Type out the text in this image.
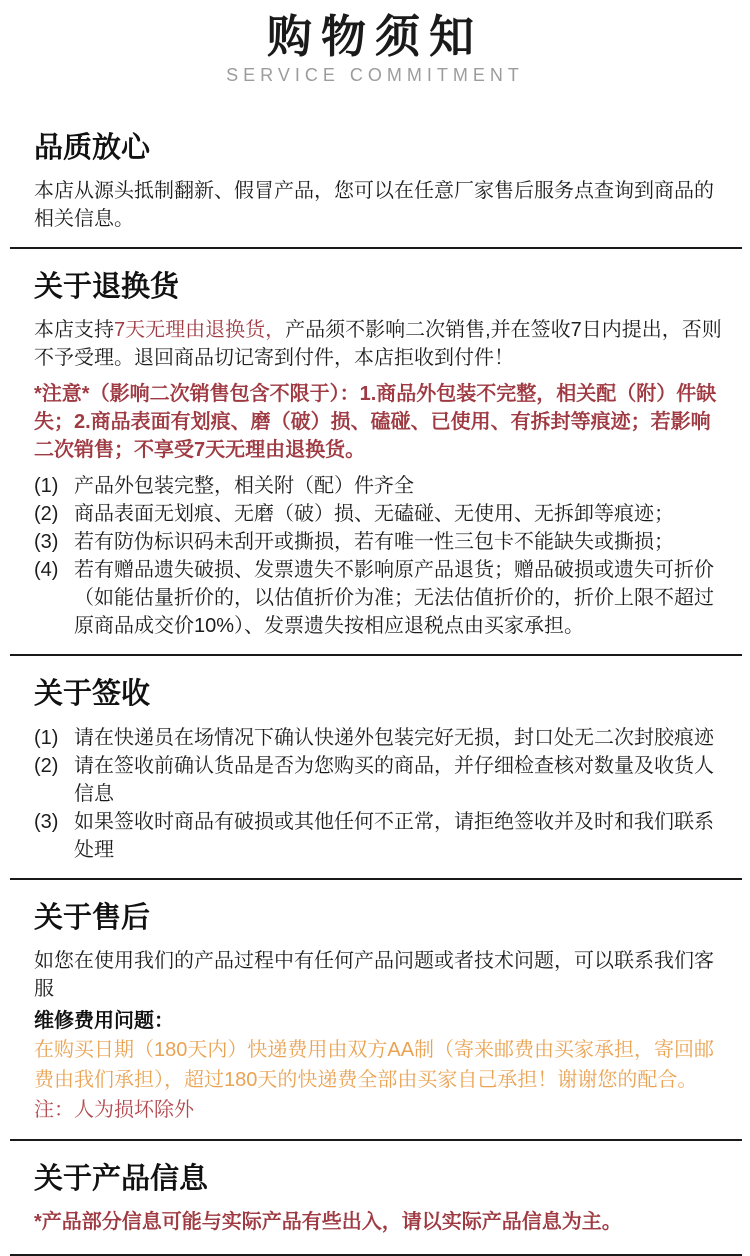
购物须知
SERVICE COMMITMENT
品质放心

本店从源头抵制翻新、假冒产品，您可以在任意厂家售后服务点查询到商品的相关信息。

关于退换货

本店支持7天无理由退换货，产品须不影响二次销售,并在签收7日内提出，否则不予受理。退回商品切记寄到付件，本店拒收到付件！

*注意*（影响二次销售包含不限于）：1.商品外包装不完整，相关配（附）件缺失；2.商品表面有划痕、磨（破）损、磕碰、已使用、有拆封等痕迹；若影响二次销售；不享受7天无理由退换货。

(1) 产品外包装完整，相关附（配）件齐全
(2) 商品表面无划痕、无磨（破）损、无磕碰、无使用、无拆卸等痕迹；
(3) 若有防伪标识码未刮开或撕损，若有唯一性三包卡不能缺失或撕损；
(4) 若有赠品遗失破损、发票遗失不影响原产品退货；赠品破损或遗失可折价（如能估量折价的，以估值折价为准；无法估值折价的，折价上限不超过原商品成交价10%）、发票遗失按相应退税点由买家承担。
关于签收
(1) 请在快递员在场情况下确认快递外包装完好无损，封口处无二次封胶痕迹
(2) 请在签收前确认货品是否为您购买的商品，并仔细检查核对数量及收货人信息
(3) 如果签收时商品有破损或其他任何不正常，请拒绝签收并及时和我们联系处理
关于售后

如您在使用我们的产品过程中有任何产品问题或者技术问题，可以联系我们客服

维修费用问题：

在购买日期（180天内）快递费用由双方AA制（寄来邮费由买家承担，寄回邮费由我们承担），超过180天的快递费全部由买家自己承担！谢谢您的配合。注：人为损坏除外

关于产品信息

*产品部分信息可能与实际产品有些出入，请以实际产品信息为主。
